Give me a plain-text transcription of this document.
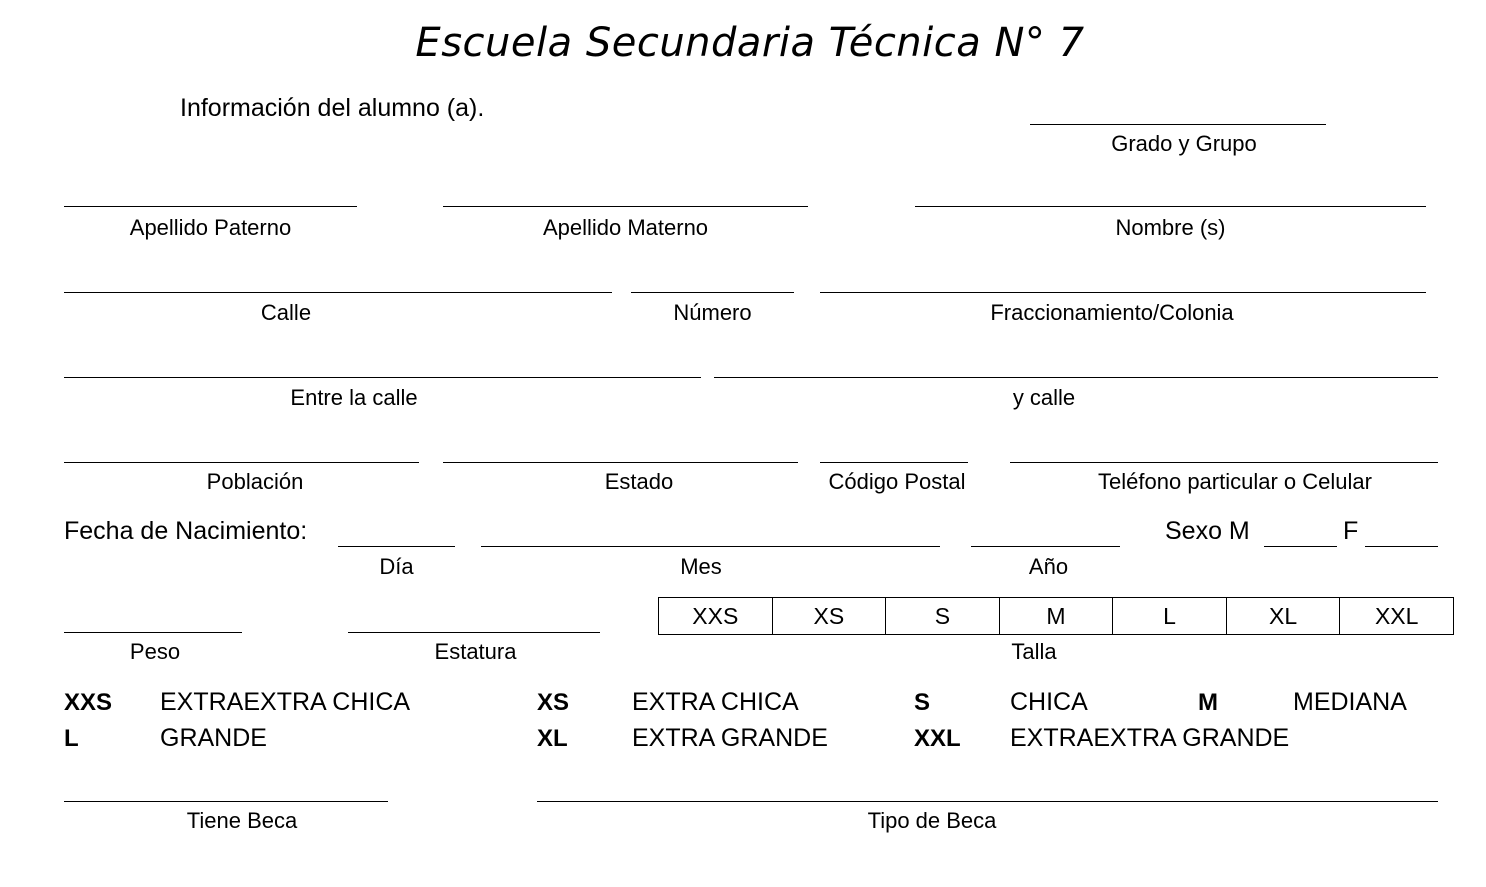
Escuela Secundaria Técnica N° 7
Información del alumno (a).
Grado y Grupo
Apellido Paterno	Apellido Materno	Nombre (s)
Calle	Número	Fraccionamiento/Colonia
Entre la calle	y calle
Población	Estado	Código Postal	Teléfono particular o Celular
Fecha de Nacimiento:
Día	Mes	Año
Sexo M	F
Peso	Estatura
XXS	XS	S	M	L	XL	XXL
Talla
XXS EXTRAEXTRA CHICA	XS	EXTRA CHICA	S	CHICA	M	MEDIANA
L	GRANDE	XL	EXTRA GRANDE	XXL EXTRAEXTRA GRANDE
Tiene Beca	Tipo de Beca
